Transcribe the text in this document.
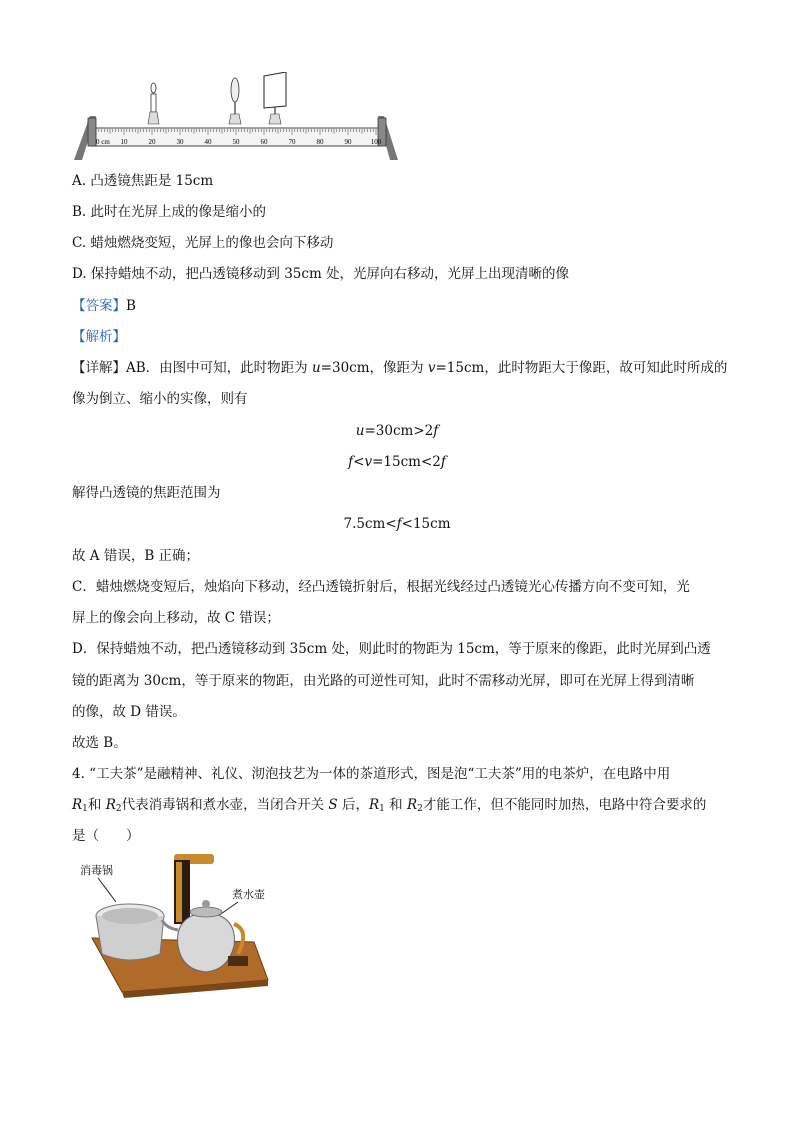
0 cm 10	20	30	40	50	60	70	80	90	100
A. 凸透镜焦距是 15cm
B. 此时在光屏上成的像是缩小的
C. 蜡烛燃烧变短，光屏上的像也会向下移动
D. 保持蜡烛不动，把凸透镜移动到 35cm 处，光屏向右移动，光屏上出现清晰的像
【答案】B
【解析】
【详解】AB．由图中可知，此时物距为 u=30cm，像距为 v=15cm，此时物距大于像距，故可知此时所成的
像为倒立、缩小的实像，则有
u=30cm>2f
f<v=15cm<2f
解得凸透镜的焦距范围为
7.5cm<f<15cm
故 A 错误，B 正确；
C．蜡烛燃烧变短后，烛焰向下移动，经凸透镜折射后，根据光线经过凸透镜光心传播方向不变可知，光
屏上的像会向上移动，故 C 错误；
D．保持蜡烛不动，把凸透镜移动到 35cm 处，则此时的物距为 15cm，等于原来的像距，此时光屏到凸透
镜的距离为 30cm，等于原来的物距，由光路的可逆性可知，此时不需移动光屏，即可在光屏上得到清晰
的像，故 D 错误。
故选 B。
4. “工夫茶”是融精神、礼仪、沏泡技艺为一体的茶道形式，图是泡“工夫茶”用的电茶炉，在电路中用
$R_1$和 $R_2$代表消毒锅和煮水壶，当闭合开关 S 后，$R_1$ 和 $R_2$才能工作，但不能同时加热，电路中符合要求的
是（　　）
消毒锅
煮水壶
